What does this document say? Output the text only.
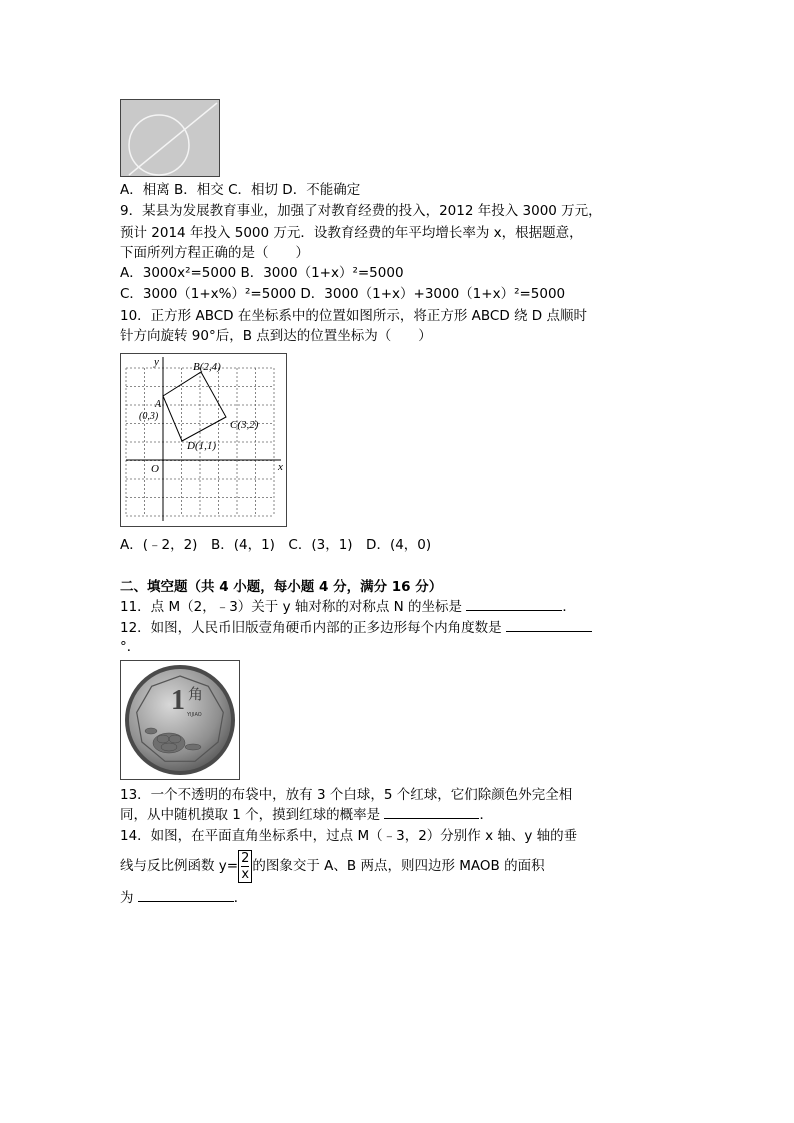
A．相离 B．相交 C．相切 D．不能确定
9．某县为发展教育事业，加强了对教育经费的投入，2012 年投入 3000 万元，
预计 2014 年投入 5000 万元．设教育经费的年平均增长率为 x，根据题意，
下面所列方程正确的是（　　）
A．3000x²=5000 B．3000（1+x）²=5000
C．3000（1+x%）²=5000 D．3000（1+x）+3000（1+x）²=5000
10．正方形 ABCD 在坐标系中的位置如图所示，将正方形 ABCD 绕 D 点顺时
针方向旋转 90°后，B 点到达的位置坐标为（　　）
x
y
O
A
(0,3)
B(2,4)
C(3,2)
D(1,1)
A．(﹣2，2)　B．(4，1)　C．(3，1)　D．(4，0)
二、填空题（共 4 小题，每小题 4 分，满分 16 分）
11．点 M（2，﹣3）关于 y 轴对称的对称点 N 的坐标是	．
12．如图，人民币旧版壹角硬币内部的正多边形每个内角度数是
°．
1 角
YIJIAO
13．一个不透明的布袋中，放有 3 个白球，5 个红球，它们除颜色外完全相
同，从中随机摸取 1 个，摸到红球的概率是	．
14．如图，在平面直角坐标系中，过点 M（﹣3，2）分别作 x 轴、y 轴的垂
线与反比例函数 $y= \frac{2}{x}$ 的图象交于 A、B 两点，则四边形 MAOB 的面积
为	．
